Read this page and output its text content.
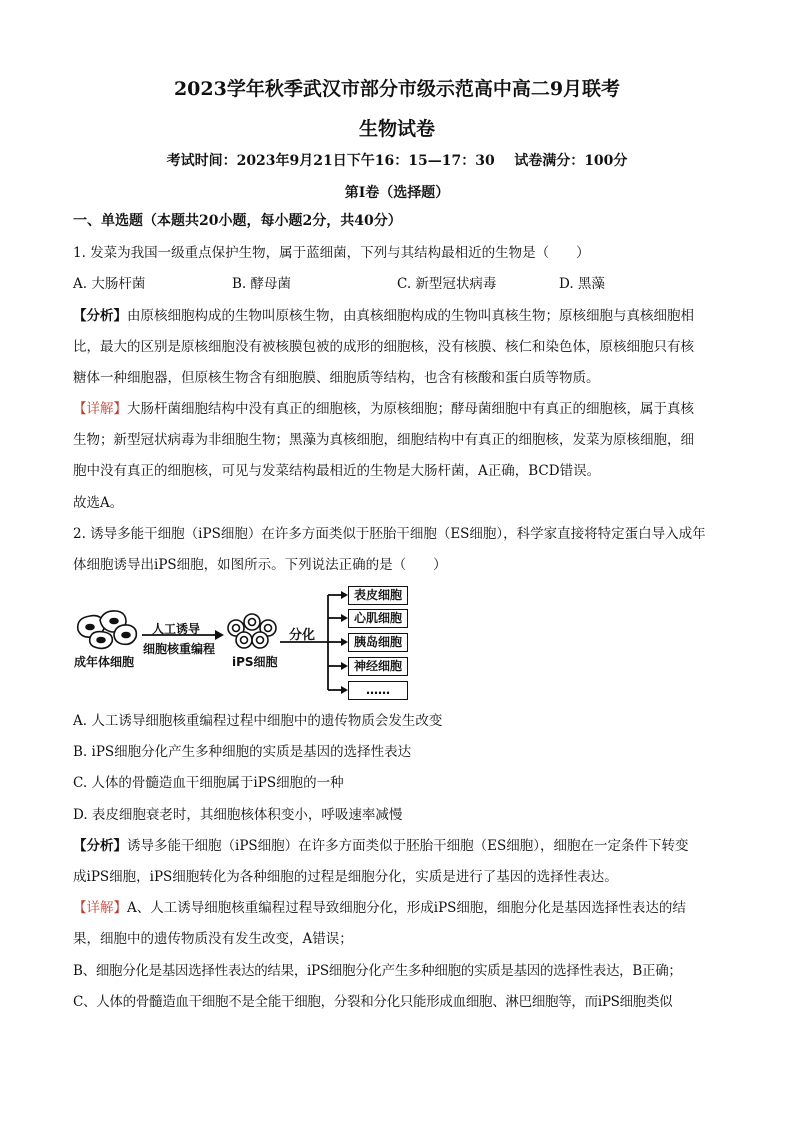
2023学年秋季武汉市部分市级示范高中高二9月联考
生物试卷
考试时间：2023年9月21日下午16：15—17：30    试卷满分：100分
第Ⅰ卷（选择题）
一、单选题（本题共20小题，每小题2分，共40分）
1. 发菜为我国一级重点保护生物，属于蓝细菌，下列与其结构最相近的生物是（　　）
A. 大肠杆菌	B. 酵母菌	C. 新型冠状病毒	D. 黑藻
【分析】由原核细胞构成的生物叫原核生物，由真核细胞构成的生物叫真核生物；原核细胞与真核细胞相
比，最大的区别是原核细胞没有被核膜包被的成形的细胞核，没有核膜、核仁和染色体，原核细胞只有核
糖体一种细胞器，但原核生物含有细胞膜、细胞质等结构，也含有核酸和蛋白质等物质。
【详解】大肠杆菌细胞结构中没有真正的细胞核，为原核细胞；酵母菌细胞中有真正的细胞核，属于真核
生物；新型冠状病毒为非细胞生物；黑藻为真核细胞，细胞结构中有真正的细胞核，发菜为原核细胞，细
胞中没有真正的细胞核，可见与发菜结构最相近的生物是大肠杆菌，A正确，BCD错误。
故选A。
2. 诱导多能干细胞（iPS细胞）在许多方面类似于胚胎干细胞（ES细胞），科学家直接将特定蛋白导入成年
体细胞诱导出iPS细胞，如图所示。下列说法正确的是（　　）
人工诱导
细胞核重编程
成年体细胞	iPS细胞
分化
表皮细胞
心肌细胞
胰岛细胞
神经细胞
……
A. 人工诱导细胞核重编程过程中细胞中的遗传物质会发生改变
B. iPS细胞分化产生多种细胞的实质是基因的选择性表达
C. 人体的骨髓造血干细胞属于iPS细胞的一种
D. 表皮细胞衰老时，其细胞核体积变小，呼吸速率减慢
【分析】诱导多能干细胞（iPS细胞）在许多方面类似于胚胎干细胞（ES细胞），细胞在一定条件下转变
成iPS细胞，iPS细胞转化为各种细胞的过程是细胞分化，实质是进行了基因的选择性表达。
【详解】A、人工诱导细胞核重编程过程导致细胞分化，形成iPS细胞，细胞分化是基因选择性表达的结
果，细胞中的遗传物质没有发生改变，A错误；
B、细胞分化是基因选择性表达的结果，iPS细胞分化产生多种细胞的实质是基因的选择性表达，B正确；
C、人体的骨髓造血干细胞不是全能干细胞，分裂和分化只能形成血细胞、淋巴细胞等，而iPS细胞类似
